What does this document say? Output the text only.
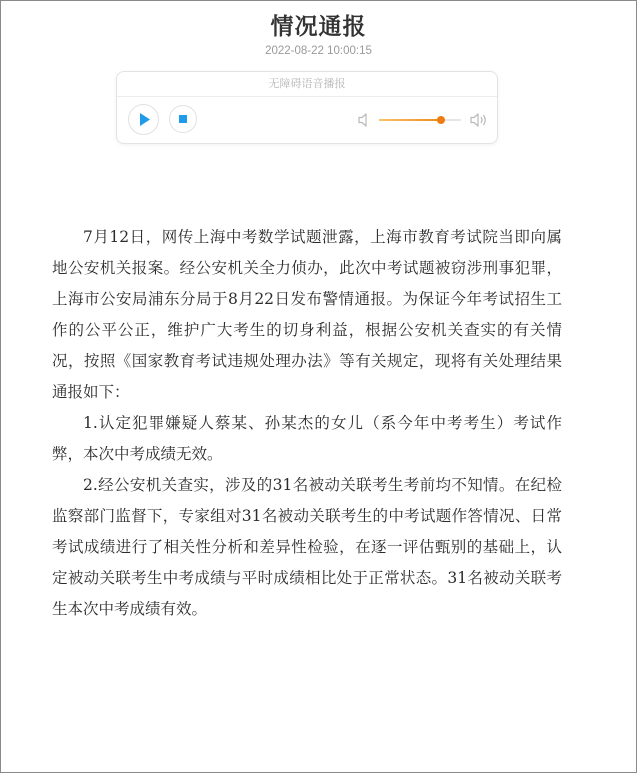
情况通报
2022-08-22 10:00:15
无障碍语音播报

7月12日，网传上海中考数学试题泄露，上海市教育考试院当即向属地公安机关报案。经公安机关全力侦办，此次中考试题被窃涉刑事犯罪，上海市公安局浦东分局于8月22日发布警情通报。为保证今年考试招生工作的公平公正，维护广大考生的切身利益，根据公安机关查实的有关情况，按照《国家教育考试违规处理办法》等有关规定，现将有关处理结果通报如下：

1.认定犯罪嫌疑人蔡某、孙某杰的女儿（系今年中考考生）考试作弊，本次中考成绩无效。

2.经公安机关查实，涉及的31名被动关联考生考前均不知情。在纪检监察部门监督下，专家组对31名被动关联考生的中考试题作答情况、日常考试成绩进行了相关性分析和差异性检验，在逐一评估甄别的基础上，认定被动关联考生中考成绩与平时成绩相比处于正常状态。31名被动关联考生本次中考成绩有效。
